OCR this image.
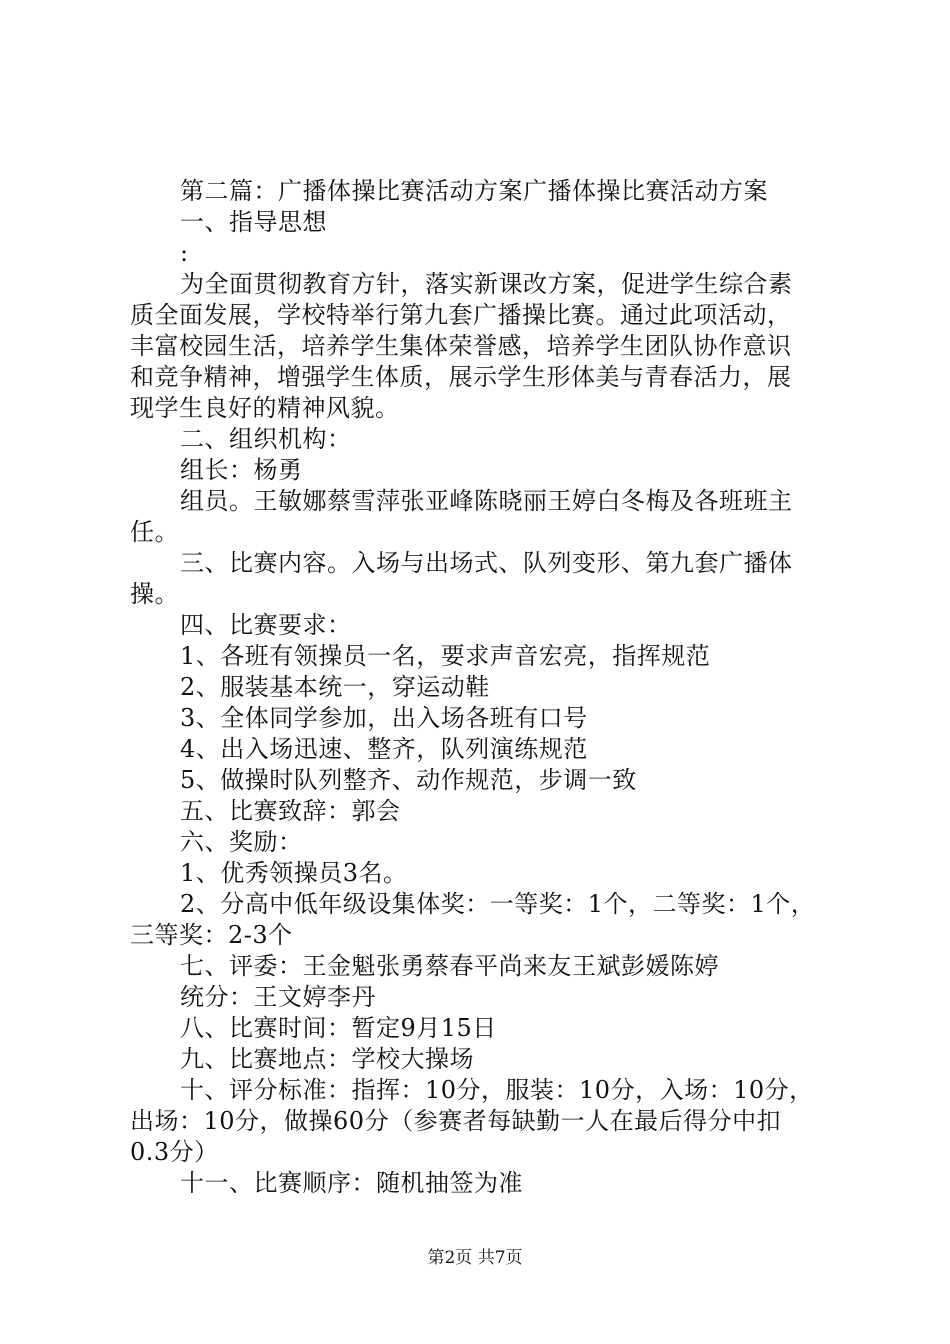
第二篇：广播体操比赛活动方案广播体操比赛活动方案
一、指导思想
:
为全面贯彻教育方针，落实新课改方案，促进学生综合素
质全面发展，学校特举行第九套广播操比赛。通过此项活动，
丰富校园生活，培养学生集体荣誉感，培养学生团队协作意识
和竞争精神，增强学生体质，展示学生形体美与青春活力，展
现学生良好的精神风貌。
二、组织机构：
组长：杨勇
组员。王敏娜蔡雪萍张亚峰陈晓丽王婷白冬梅及各班班主
任。
三、比赛内容。入场与出场式、队列变形、第九套广播体
操。
四、比赛要求：
1、各班有领操员一名，要求声音宏亮，指挥规范
2、服装基本统一，穿运动鞋
3、全体同学参加，出入场各班有口号
4、出入场迅速、整齐，队列演练规范
5、做操时队列整齐、动作规范，步调一致
五、比赛致辞：郭会
六、奖励：
1、优秀领操员3名。
2、分高中低年级设集体奖：一等奖：1个，二等奖：1个，
三等奖：2-3个
七、评委：王金魁张勇蔡春平尚来友王斌彭媛陈婷
统分：王文婷李丹
八、比赛时间：暂定9月15日
九、比赛地点：学校大操场
十、评分标准：指挥：10分，服装：10分，入场：10分，
出场：10分，做操60分（参赛者每缺勤一人在最后得分中扣
0.3分）
十一、比赛顺序：随机抽签为准
第2页 共7页
